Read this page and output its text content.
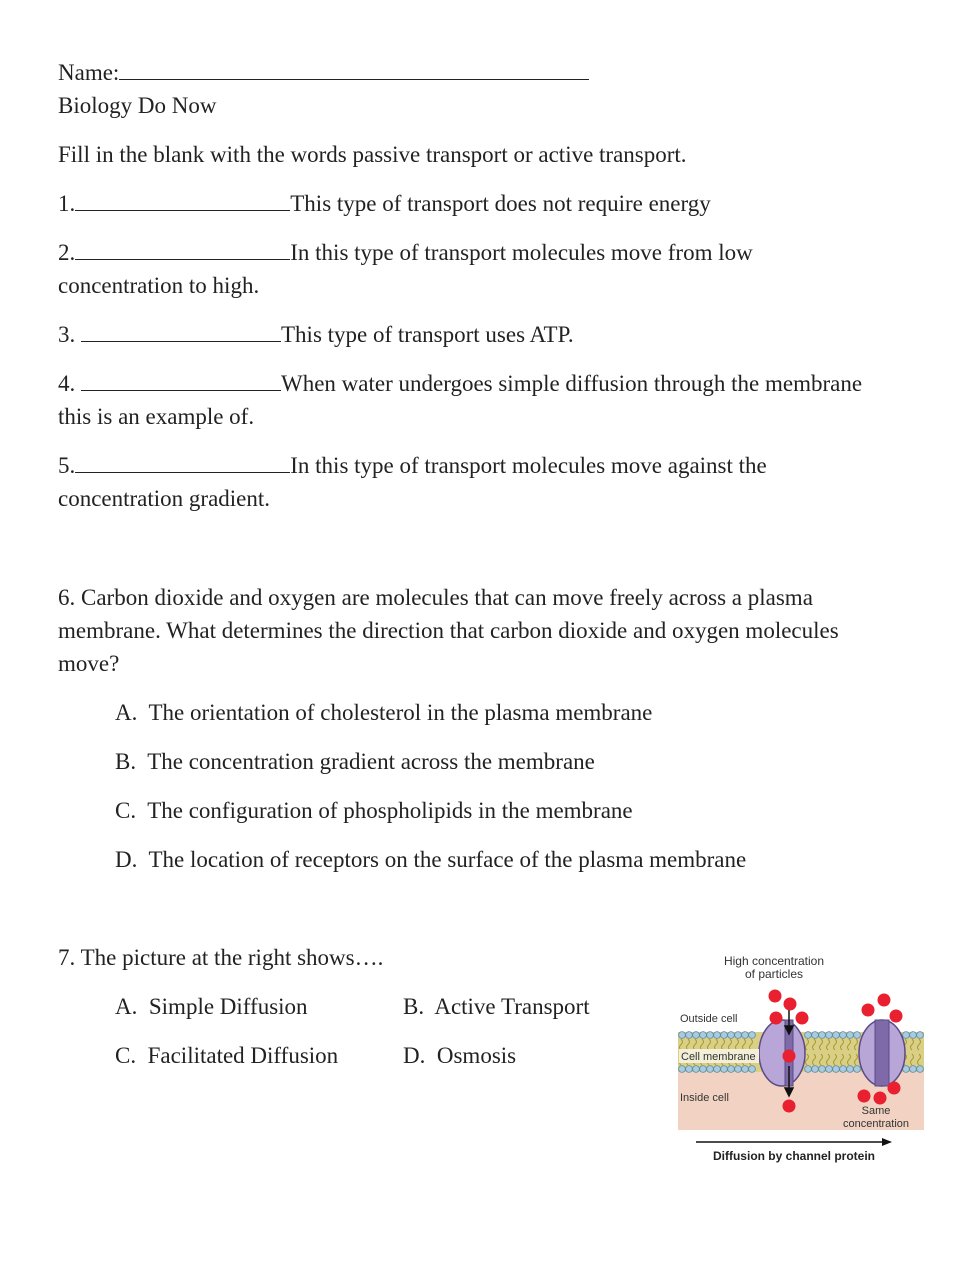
Name:
Biology Do Now
Fill in the blank with the words passive transport or active transport.
1.	This type of transport does not require energy
2.	In this type of transport molecules move from low
concentration to high.
3.	This type of transport uses ATP.
4.	When water undergoes simple diffusion through the membrane
this is an example of.
5.	In this type of transport molecules move against the
concentration gradient.
6. Carbon dioxide and oxygen are molecules that can move freely across a plasma
membrane. What determines the direction that carbon dioxide and oxygen molecules
move?
A. The orientation of cholesterol in the plasma membrane
B.  The concentration gradient across the membrane
C. The configuration of phospholipids in the membrane
D. The location of receptors on the surface of the plasma membrane
7. The picture at the right shows….
A. Simple Diffusion	B. Active Transport
C. Facilitated Diffusion	D. Osmosis
High concentration
of particles
Outside cell
Cell membrane
Inside cell
Same
concentration
Diffusion by channel protein
